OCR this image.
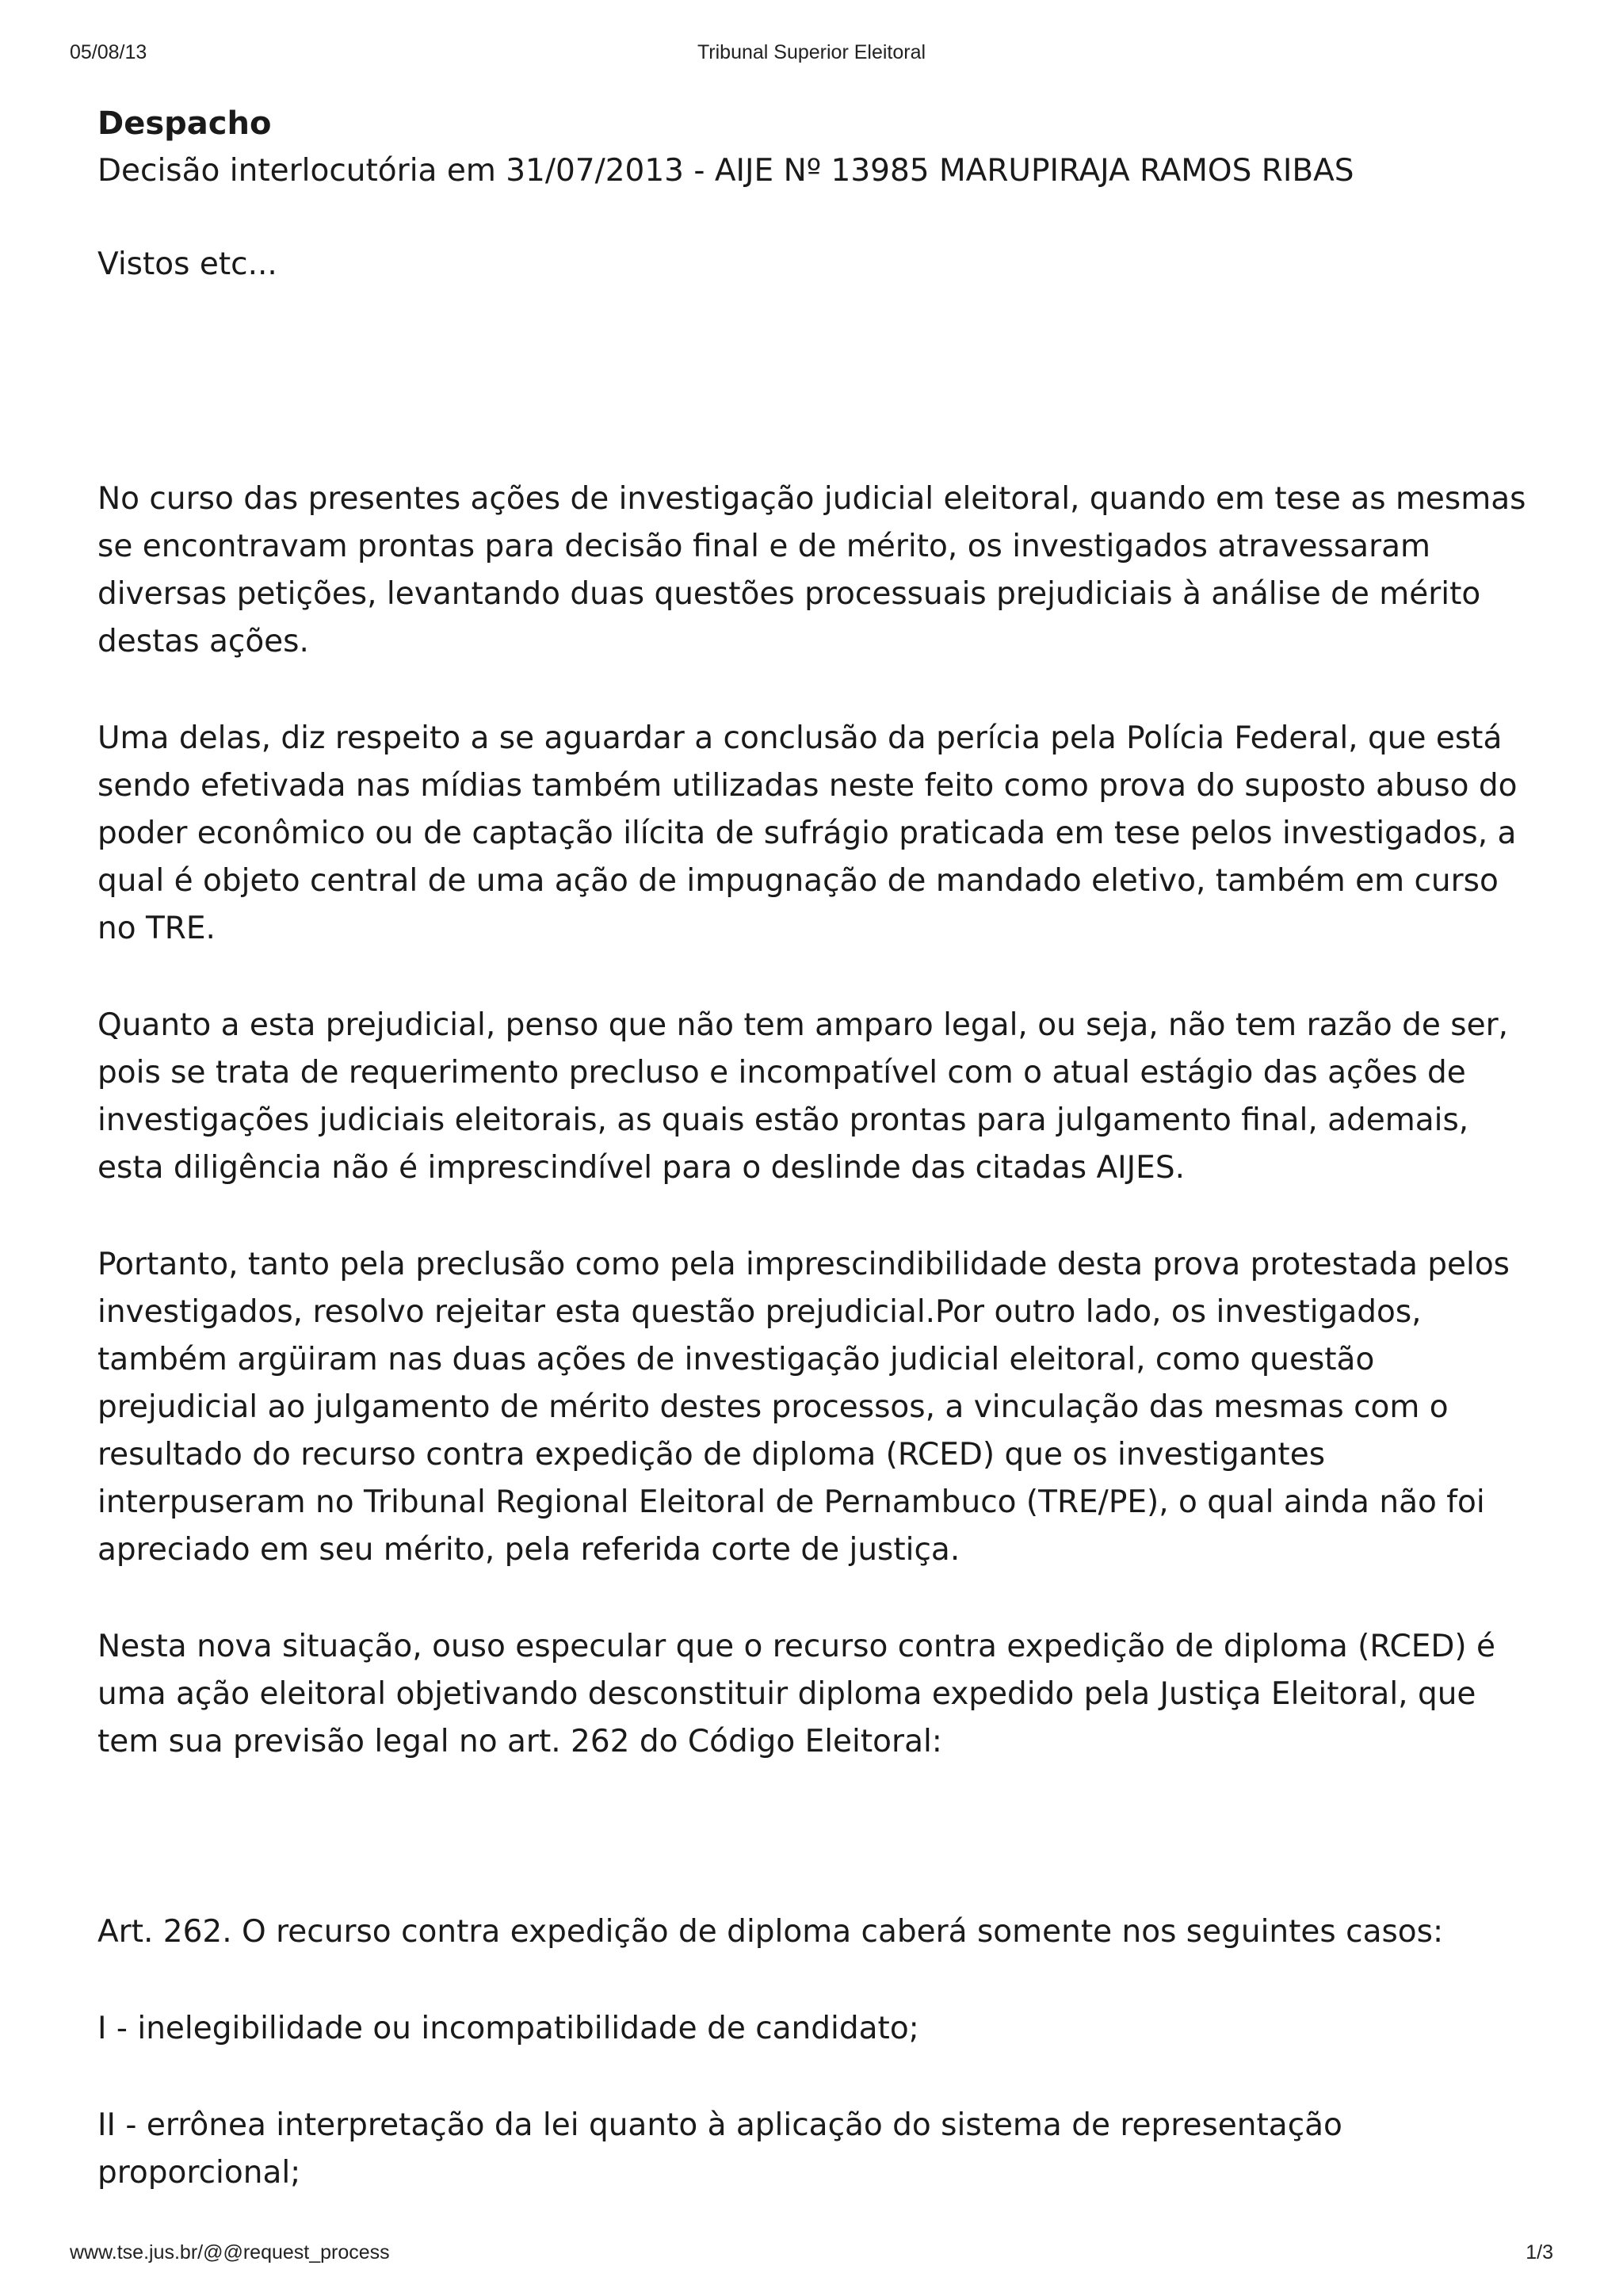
05/08/13	Tribunal Superior Eleitoral

Despacho

Decisão interlocutória em 31/07/2013 - AIJE Nº 13985 MARUPIRAJA RAMOS RIBAS

Vistos etc...

No curso das presentes ações de investigação judicial eleitoral, quando em tese as mesmas se encontravam prontas para decisão final e de mérito, os investigados atravessaram diversas petições, levantando duas questões processuais prejudiciais à análise de mérito destas ações.

Uma delas, diz respeito a se aguardar a conclusão da perícia pela Polícia Federal, que está sendo efetivada nas mídias também utilizadas neste feito como prova do suposto abuso do poder econômico ou de captação ilícita de sufrágio praticada em tese pelos investigados, a qual é objeto central de uma ação de impugnação de mandado eletivo, também em curso no TRE.

Quanto a esta prejudicial, penso que não tem amparo legal, ou seja, não tem razão de ser, pois se trata de requerimento precluso e incompatível com o atual estágio das ações de investigações judiciais eleitorais, as quais estão prontas para julgamento final, ademais, esta diligência não é imprescindível para o deslinde das citadas AIJES.

Portanto, tanto pela preclusão como pela imprescindibilidade desta prova protestada pelos investigados, resolvo rejeitar esta questão prejudicial.Por outro lado, os investigados, também argüiram nas duas ações de investigação judicial eleitoral, como questão prejudicial ao julgamento de mérito destes processos, a vinculação das mesmas com o resultado do recurso contra expedição de diploma (RCED) que os investigantes interpuseram no Tribunal Regional Eleitoral de Pernambuco (TRE/PE), o qual ainda não foi apreciado em seu mérito, pela referida corte de justiça.

Nesta nova situação, ouso especular que o recurso contra expedição de diploma (RCED) é uma ação eleitoral objetivando desconstituir diploma expedido pela Justiça Eleitoral, que tem sua previsão legal no art. 262 do Código Eleitoral:

Art. 262. O recurso contra expedição de diploma caberá somente nos seguintes casos:

I - inelegibilidade ou incompatibilidade de candidato;

II - errônea interpretação da lei quanto à aplicação do sistema de representação proporcional;

www.tse.jus.br/@@request_process	1/3
